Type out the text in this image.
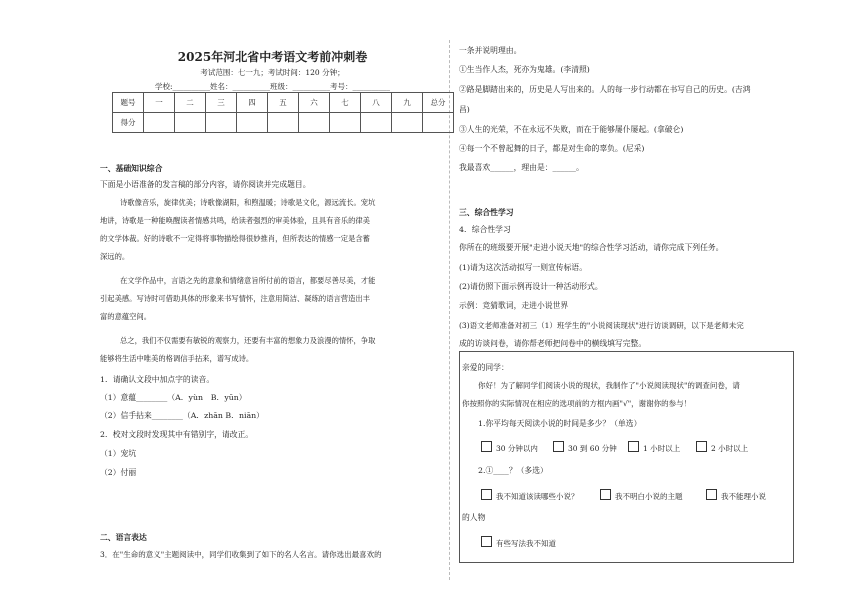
2025年河北省中考语文考前冲刺卷
考试范围：七一九；考试时间：120 分钟；
学校:__________姓名：__________班级：__________考号：__________
题号	一	二	三	四	五	六	七	八	九	总分
得分										
一、基础知识综合
下面是小语准备的发言稿的部分内容，请你阅读并完成题目。
诗歌像音乐，旋律优美；诗歌像湖阳，和煦温暖；诗歌是文化，源远流长。宠坑
地讲，诗歌是一种能唤醒读者情感共鸣，给读者强烈的审美体验，且具有音乐的律美
的文学体裁。好的诗歌不一定得将事物描绘得很妙推肖，但所表达的情感一定是含蓄
深远的。
在文学作品中，言语之先的意象和情绪意旨所付前的语言，都要尽善尽美，才能
引起美感。写诗时可借助具体的形象来书写情怀，注意用简洁、凝练的语言营造出丰
富的意蕴空间。
总之，我们不仅需要有敏锐的观察力，还要有丰富的想象力及浪漫的情怀，争取
能够将生活中唯美的格调信手拈来，谱写成诗。
1．请确认文段中加点字的读音。
（1）意蕴________（A．yùn　B．yūn）
（2）信手拈来________（A．zhān B．niān）
2．校对文段时发现其中有错别字，请改正。
（1）宠坑
（2）付丽
二、语言表达
3．在"生命的意义"主题阅读中，同学们收集到了如下的名人名言。请你选出最喜欢的
一条并说明理由。
①生当作人杰，死亦为鬼雄。(李清照)
②路是脚踏出来的，历史是人写出来的。人的每一步行动都在书写自己的历史。(吉鸿
昌)
③人生的光荣，不在永远不失败，而在于能够屡仆屡起。(拿破仑)
④每一个不曾起舞的日子，都是对生命的辜负。(尼采)
我最喜欢______，理由是：______。
三、综合性学习
4．综合性学习
你所在的班级要开展"走进小说天地"的综合性学习活动，请你完成下列任务。
(1)请为这次活动拟写一则宣传标语。
(2)请仿照下面示例再设计一种活动形式。
示例：竞猜歌词，走进小说世界
(3)语文老师准备对初三（1）班学生的"小说阅读现状"进行访谈调研，以下是老师未完
成的访谈问卷，请你帮老师把问卷中的横线填写完整。
亲爱的同学：
你好！为了解同学们阅读小说的现状，我制作了"小说阅读现状"的调查问卷，请
你按照你的实际情况在相应的选项前的方框内画"√"，谢谢你的参与！
1.你平均每天阅读小说的时间是多少？（单选）
30 分钟以内	30 到 60 分钟	1 小时以上	2 小时以上
2.①____？（多选）
我不知道该读哪些小说？	我不明白小说的主题	我不能理小说
的人物
有些写法我不知道
